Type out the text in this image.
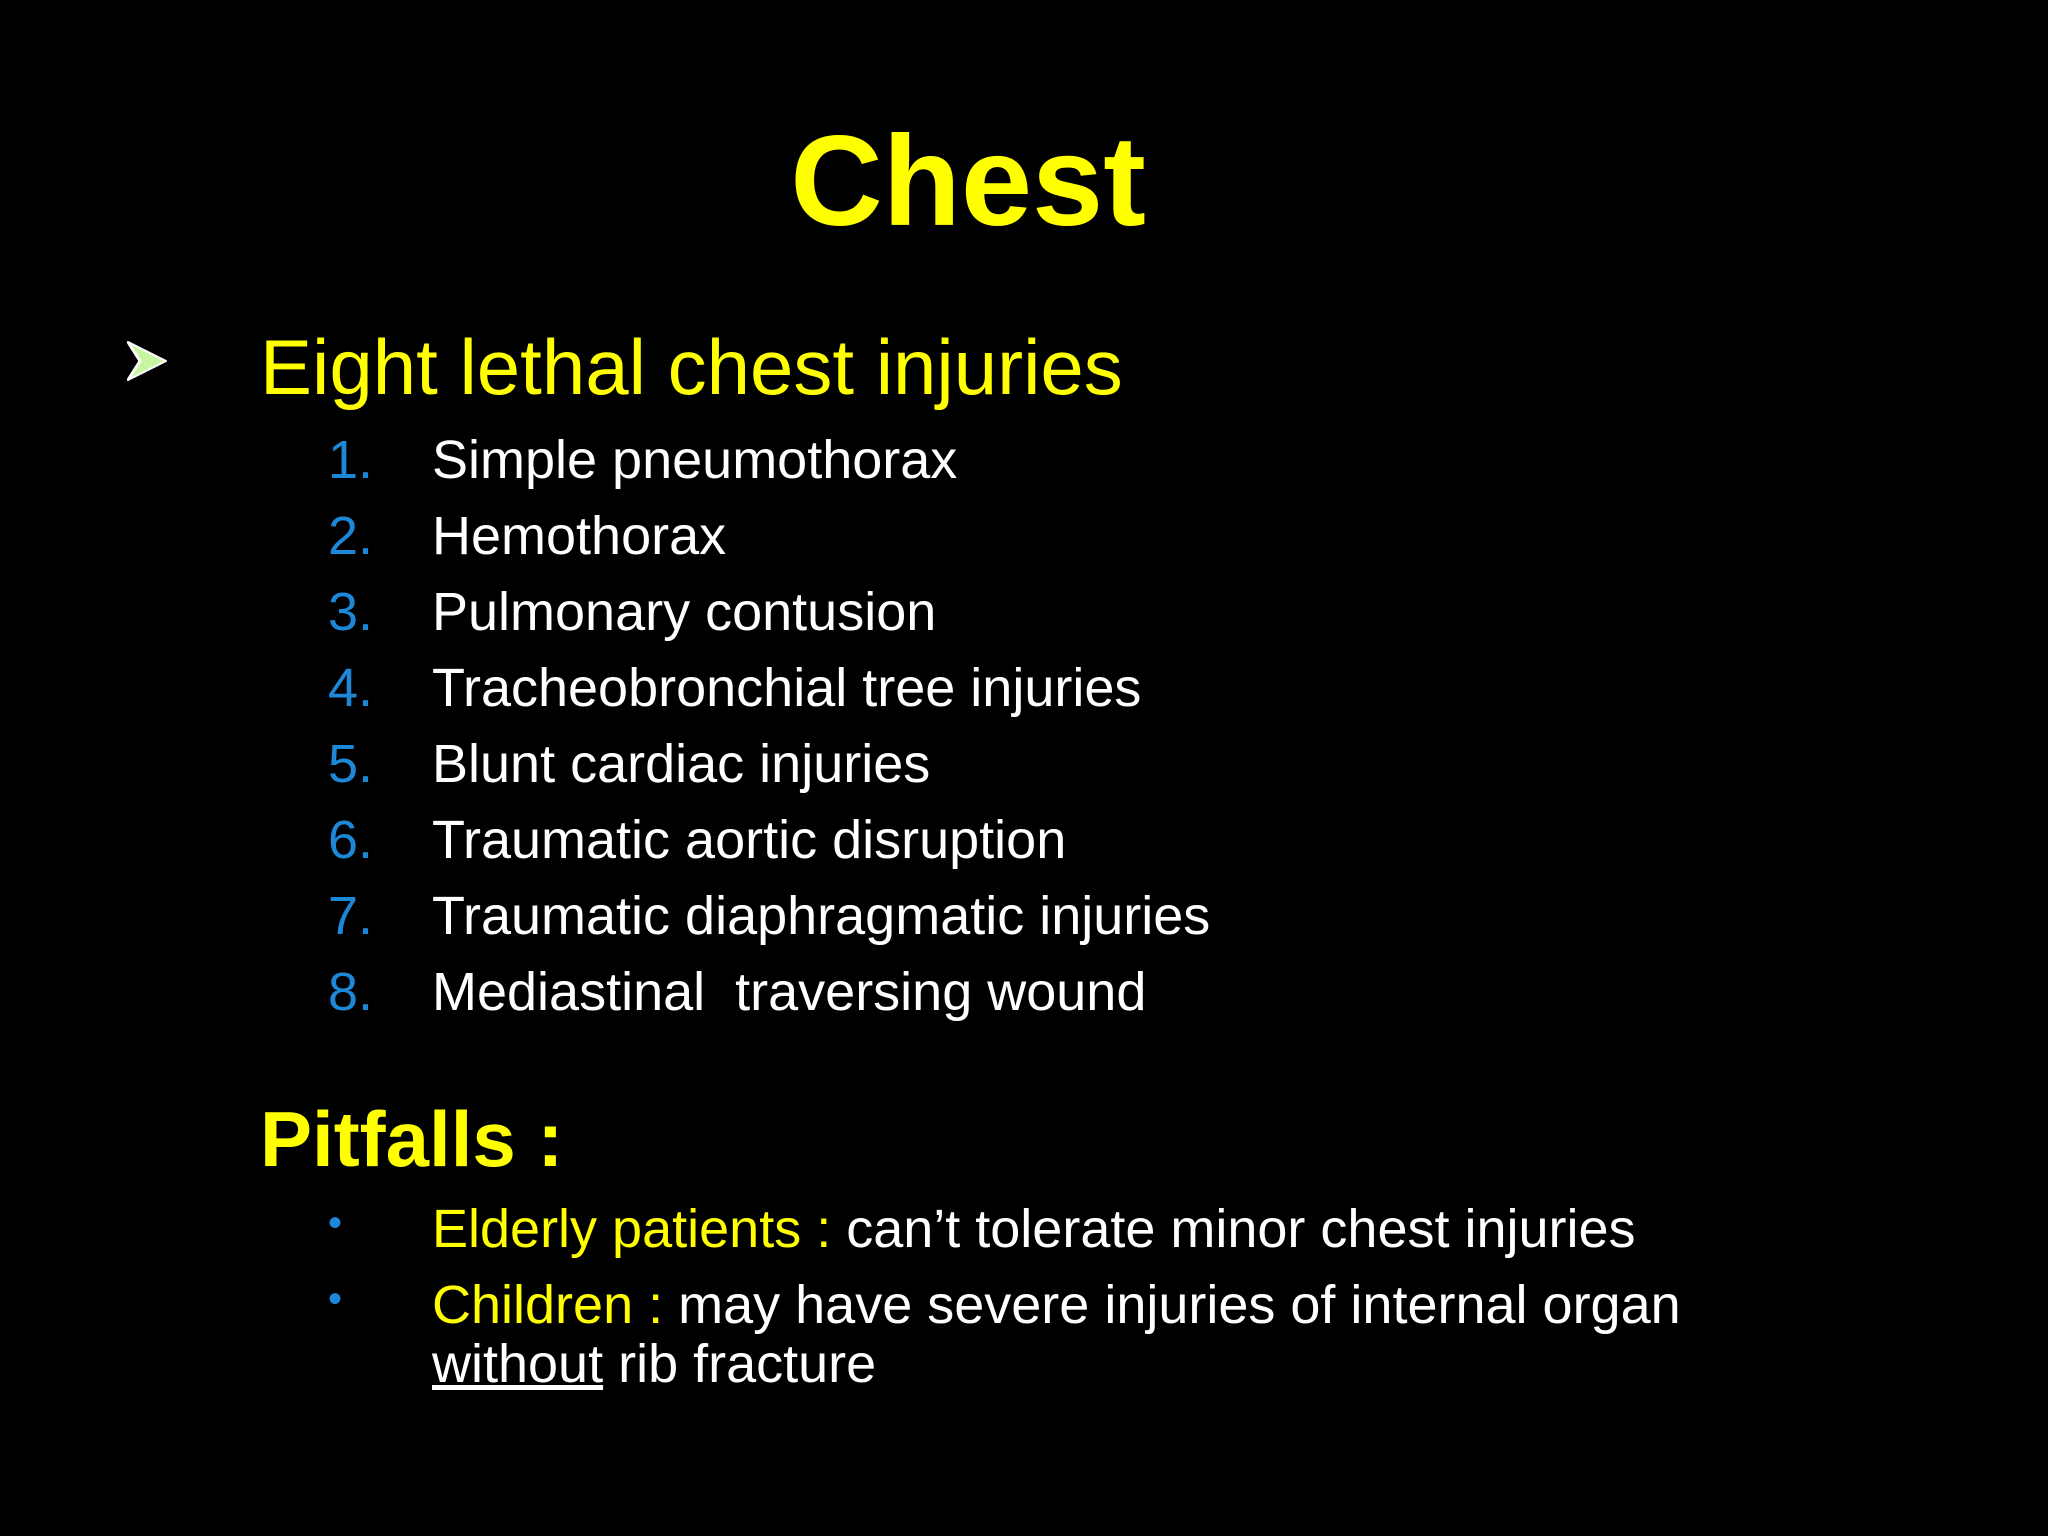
Chest
Eight lethal chest injuries
1. Simple pneumothorax
2. Hemothorax
3. Pulmonary contusion
4. Tracheobronchial tree injuries
5. Blunt cardiac injuries
6. Traumatic aortic disruption
7. Traumatic diaphragmatic injuries
8. Mediastinal  traversing wound
Pitfalls :
• Elderly patients : can’t tolerate minor chest injuries
• Children : may have severe injuries of internal organ
without rib fracture
